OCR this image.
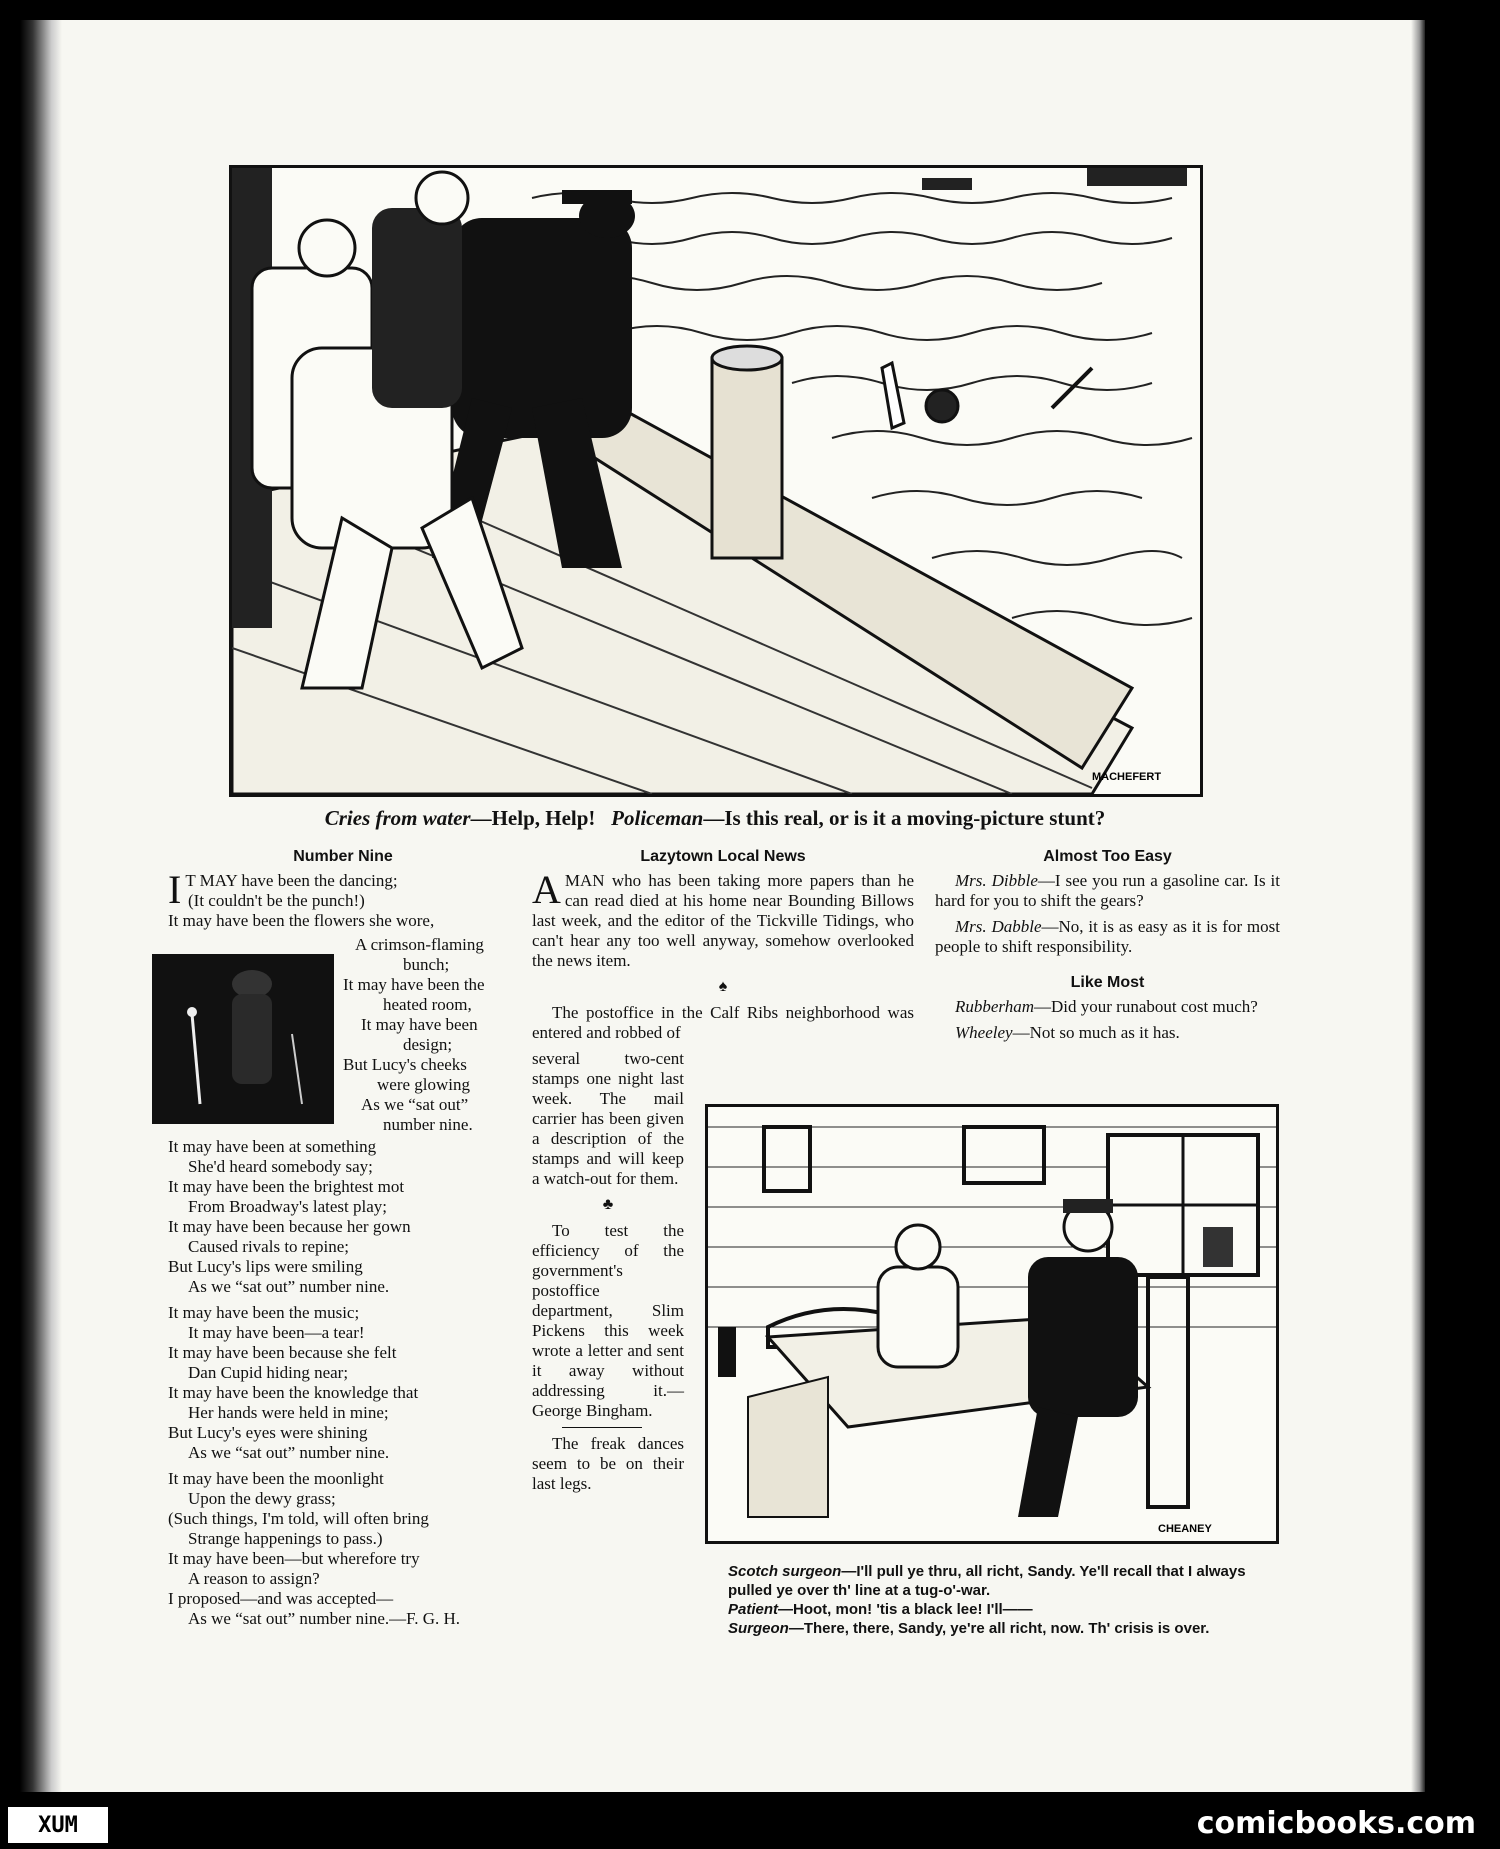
MACHEFERT
Cries from water—Help, Help! Policeman—Is this real, or is it a moving-picture stunt?
Number Nine
I T MAY have been the dancing;
(It couldn't be the punch!)
It may have been the flowers she wore,
A crimson-flaming
bunch;
It may have been the
heated room,
It may have been
design;
But Lucy's cheeks
were glowing
As we “sat out”
number nine.
It may have been at something
She'd heard somebody say;
It may have been the brightest mot
From Broadway's latest play;
It may have been because her gown
Caused rivals to repine;
But Lucy's lips were smiling
As we “sat out” number nine.
It may have been the music;
It may have been—a tear!
It may have been because she felt
Dan Cupid hiding near;
It may have been the knowledge that
Her hands were held in mine;
But Lucy's eyes were shining
As we “sat out” number nine.
It may have been the moonlight
Upon the dewy grass;
(Such things, I'm told, will often bring
Strange happenings to pass.)
It may have been—but wherefore try
A reason to assign?
I proposed—and was accepted—
As we “sat out” number nine.—F. G. H.
Lazytown Local News

A MAN who has been taking more papers than he can read died at his home near Bounding Billows last week, and the editor of the Tickville Tidings, who can't hear any too well anyway, somehow overlooked the news item.

♠

The postoffice in the Calf Ribs neighborhood was entered and robbed of

several two-cent stamps one night last week. The mail carrier has been given a description of the stamps and will keep a watch-out for them.

♣

To test the efficiency of the government's postoffice department, Slim Pickens this week wrote a letter and sent it away without addressing it.—George Bingham.

The freak dances seem to be on their last legs.

Almost Too Easy

Mrs. Dibble—I see you run a gasoline car. Is it hard for you to shift the gears?

Mrs. Dabble—No, it is as easy as it is for most people to shift responsibility.

Like Most

Rubberham—Did your runabout cost much?

Wheeley—Not so much as it has.

CHEANEY
Scotch surgeon—I'll pull ye thru, all richt, Sandy. Ye'll recall that I always pulled ye over th' line at a tug-o'-war.
Patient—Hoot, mon! 'tis a black lee! I'll——
Surgeon—There, there, Sandy, ye're all richt, now. Th' crisis is over.
XUM	comicbooks.com
